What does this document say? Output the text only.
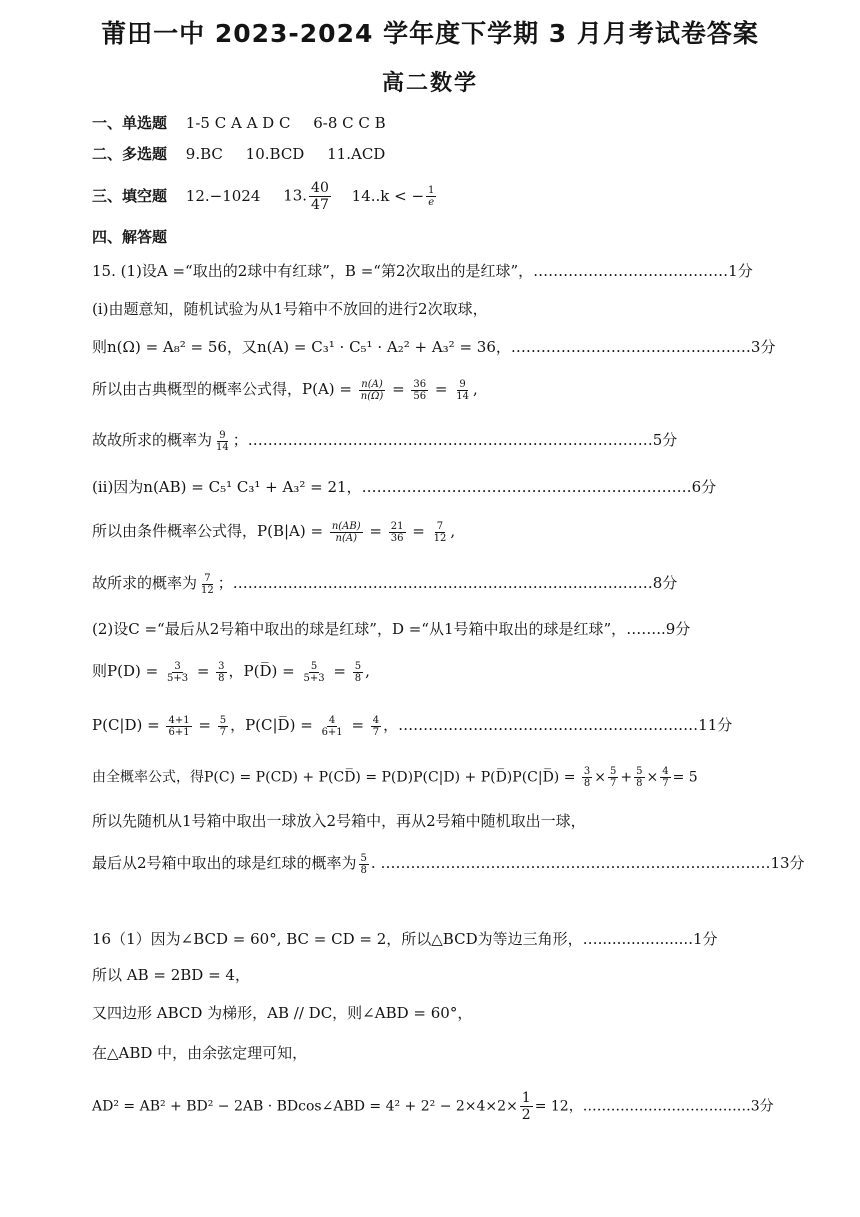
莆田一中 2023-2024 学年度下学期 3 月月考试卷答案
高二数学
一、单选题 1-5 C A A D C 6-8 C C B
二、多选题 9.BC 10.BCD 11.ACD
三、填空题 12.−1024 13. $\frac{40}{47} 14..k$ < − $\frac{1}{e}$
四、解答题
15. (1)设A =“取出的2球中有红球”，B =“第2次取出的是红球”，…………………………………1分
(i)由题意知，随机试验为从1号箱中不放回的进行2次取球，
则n(Ω) = A₈² = 56，又n(A) = C₃¹ · C₅¹ · A₂² + A₃² = 36，…………………………………………3分
所以由古典概型的概率公式得，$P(A) = \frac{n(A)}{n(\Omega)} = \frac{36}{56} = \frac{9}{14}$ ,
故故所求的概率为 $\frac{9}{14}$ ；………………………………………………………………………5分
(ii)因为n(AB) = C₅¹ C₃¹ + A₃² = 21，…………………………………………………………6分
所以由条件概率公式得，$P(B|A) = \frac{n(AB)}{n(A)} = \frac{21}{36} = \frac{7}{12}$ ,
故所求的概率为 $\frac{7}{12}$ ；…………………………………………………………………………8分
(2)设C =“最后从2号箱中取出的球是红球”，D =“从1号箱中取出的球是红球”，……..9分
则$P(D) = \frac{3}{5+3} = \frac{3}{8}$ ，P(D̅) = $\frac{5}{5+3} = \frac{5}{8}$ ,
$P(C|D) = \frac{4+1}{6+1} = \frac{5}{7}$ ，P(C|D̅) = $\frac{4}{6+1} = \frac{4}{7}$ ，……………………………………………………11分
由全概率公式，得P(C) = P(CD) + P(CD̅) = P(D)P(C|D) + P(D̅)P(C|D̅) = $\frac{3}{8} \times \frac{5}{7} + \frac{5}{8} \times \frac{4}{7} = 5$
所以先随机从1号箱中取出一球放入2号箱中，再从2号箱中随机取出一球，
最后从2号箱中取出的球是红球的概率为 $\frac{5}{8}$ . ……………………………………………………………………13分
16（1）因为∠BCD = 60°, BC = CD = 2，所以△BCD为等边三角形，…....................1分
所以 AB = 2BD = 4，
又四边形 ABCD 为梯形，AB // DC，则∠ABD = 60°，
在△ABD 中，由余弦定理可知，
AD² = AB² + BD² − 2AB · BDcos∠ABD = $4^2 + 2^2 - 2\times 4\times 2\times \frac{1}{2} = 12$，………………………………3分
